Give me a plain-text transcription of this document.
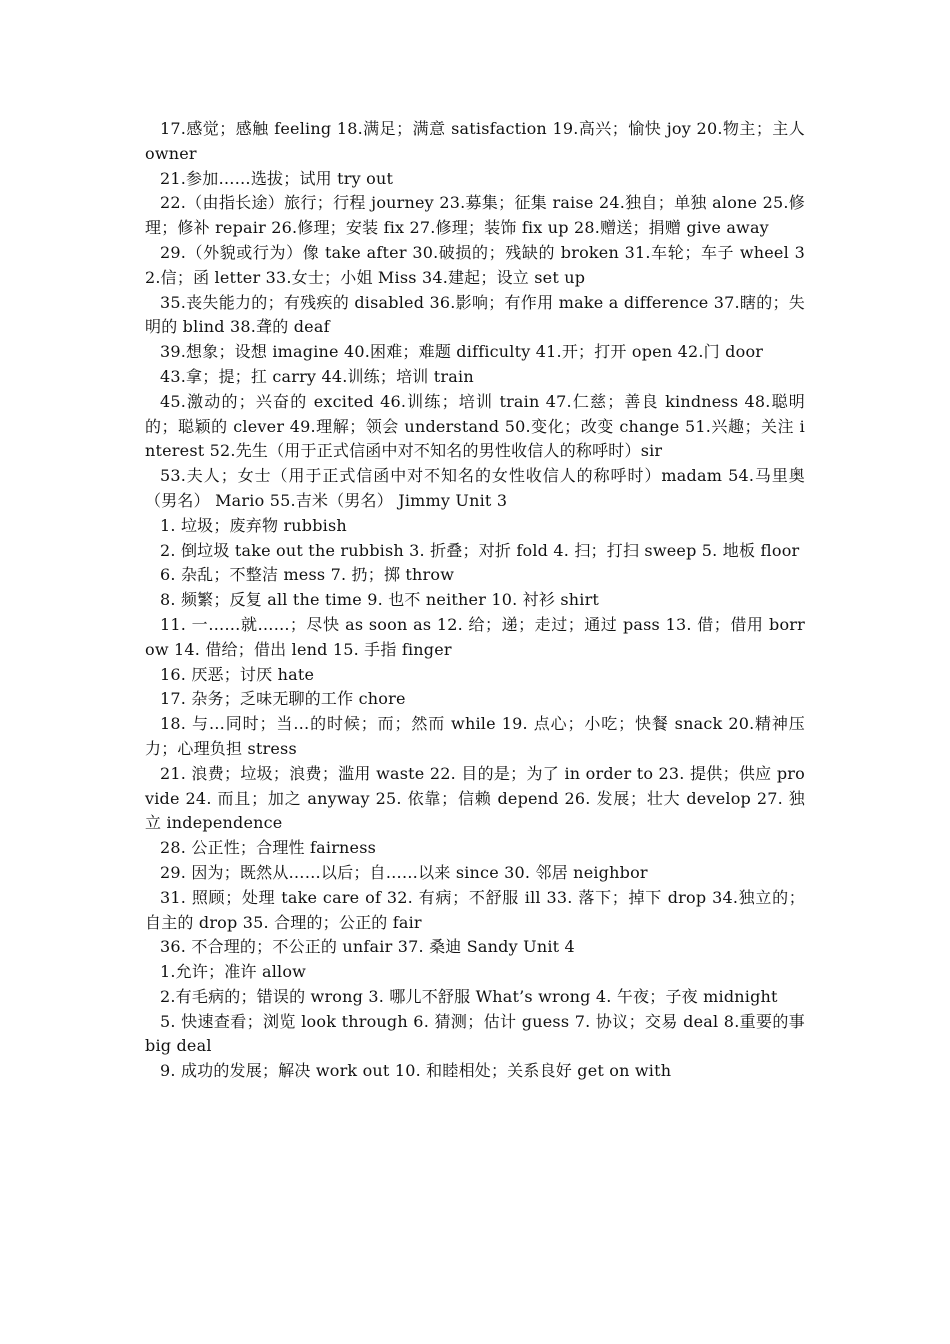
17.感觉；感触 feeling 18.满足；满意 satisfaction 19.高兴；愉快 joy 20.物主；主人 owner

21.参加……选拔；试用 try out

22.（由指长途）旅行；行程 journey 23.募集；征集 raise 24.独自；单独 alone 25.修理；修补 repair 26.修理；安装 fix 27.修理；装饰 fix up 28.赠送；捐赠 give away

29.（外貌或行为）像 take after 30.破损的；残缺的 broken 31.车轮；车子 wheel 32.信；函 letter 33.女士；小姐 Miss 34.建起；设立 set up

35.丧失能力的；有残疾的 disabled 36.影响；有作用 make a difference 37.瞎的；失明的 blind 38.聋的 deaf

39.想象；设想 imagine 40.困难；难题 difficulty 41.开；打开 open 42.门 door

43.拿；提；扛 carry 44.训练；培训 train

45.激动的；兴奋的 excited 46.训练；培训 train 47.仁慈；善良 kindness 48.聪明的；聪颖的 clever 49.理解；领会 understand 50.变化；改变 change 51.兴趣；关注 interest 52.先生（用于正式信函中对不知名的男性收信人的称呼时）sir

53.夫人；女士（用于正式信函中对不知名的女性收信人的称呼时）madam 54.马里奥（男名） Mario 55.吉米（男名） Jimmy Unit 3

1. 垃圾；废弃物 rubbish

2. 倒垃圾 take out the rubbish 3. 折叠；对折 fold 4. 扫；打扫 sweep 5. 地板 floor

6. 杂乱；不整洁 mess 7. 扔；掷 throw

8. 频繁；反复 all the time 9. 也不 neither 10. 衬衫 shirt

11. 一……就……；尽快 as soon as 12. 给；递；走过；通过 pass 13. 借；借用 borrow 14. 借给；借出 lend 15. 手指 finger

16. 厌恶；讨厌 hate

17. 杂务；乏味无聊的工作 chore

18. 与…同时；当…的时候；而；然而 while 19. 点心；小吃；快餐 snack 20.精神压力；心理负担 stress

21. 浪费；垃圾；浪费；滥用 waste 22. 目的是；为了 in order to 23. 提供；供应 provide 24. 而且；加之 anyway 25. 依靠；信赖 depend 26. 发展；壮大 develop 27. 独立 independence

28. 公正性；合理性 fairness

29. 因为；既然从……以后；自……以来 since 30. 邻居 neighbor

31. 照顾；处理 take care of 32. 有病；不舒服 ill 33. 落下；掉下 drop 34.独立的；自主的 drop 35. 合理的；公正的 fair

36. 不合理的；不公正的 unfair 37. 桑迪 Sandy Unit 4

1.允许；准许 allow

2.有毛病的；错误的 wrong 3. 哪儿不舒服 What’s wrong 4. 午夜；子夜 midnight

5. 快速查看；浏览 look through 6. 猜测；估计 guess 7. 协议；交易 deal 8.重要的事 big deal

9. 成功的发展；解决 work out 10. 和睦相处；关系良好 get on with
